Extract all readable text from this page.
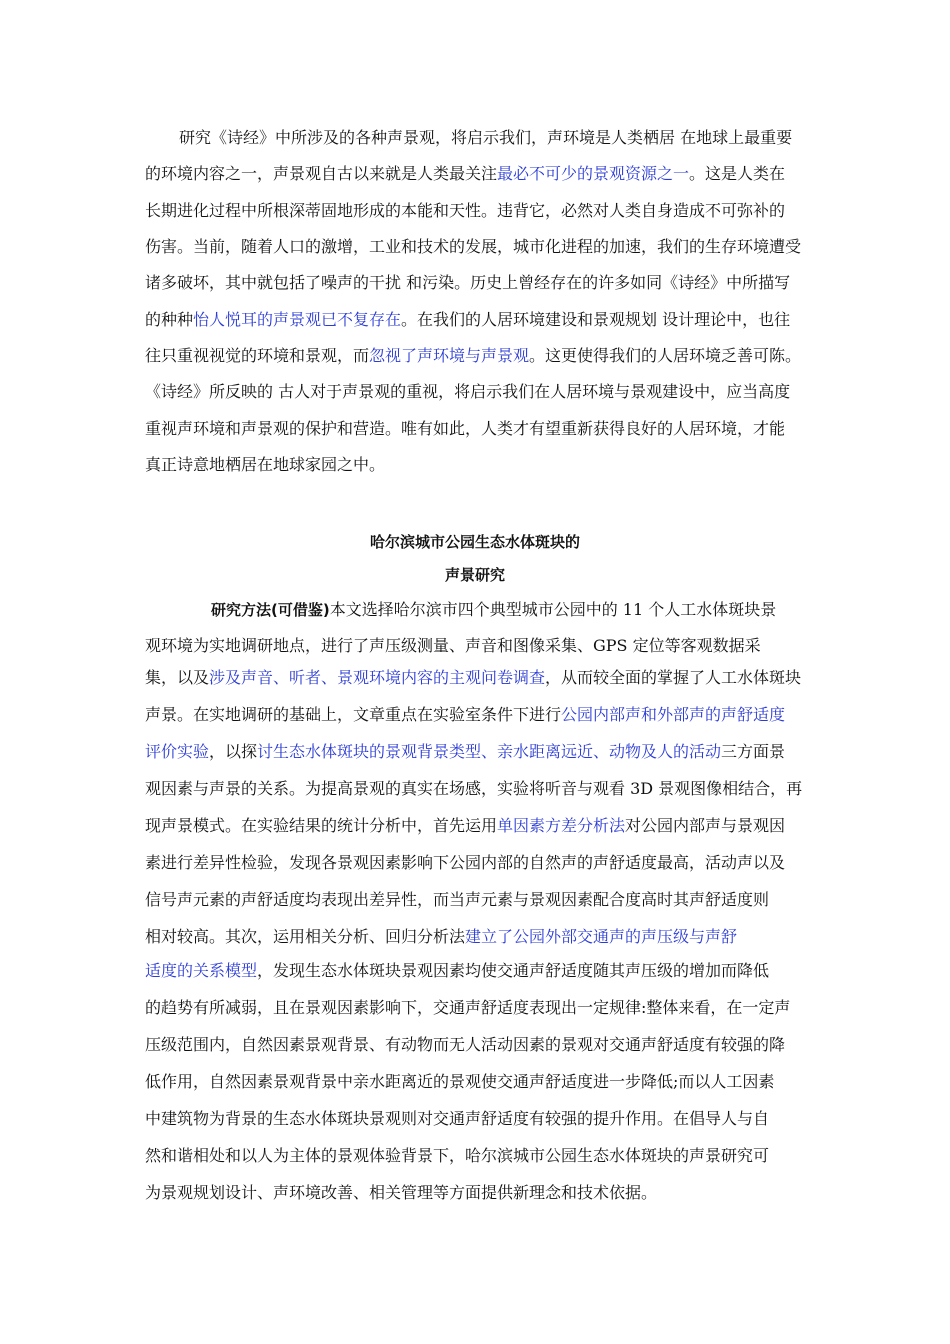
研究《诗经》中所涉及的各种声景观，将启示我们，声环境是人类栖居 在地球上最重要
的环境内容之一，声景观自古以来就是人类最关注最必不可少的景观资源之一。这是人类在
长期进化过程中所根深蒂固地形成的本能和天性。违背它，必然对人类自身造成不可弥补的
伤害。当前，随着人口的激增，工业和技术的发展，城市化进程的加速，我们的生存环境遭受
诸多破坏，其中就包括了噪声的干扰 和污染。历史上曾经存在的许多如同《诗经》中所描写
的种种怡人悦耳的声景观已不复存在。在我们的人居环境建设和景观规划 设计理论中，也往
往只重视视觉的环境和景观，而忽视了声环境与声景观。这更使得我们的人居环境乏善可陈。
《诗经》所反映的 古人对于声景观的重视，将启示我们在人居环境与景观建设中，应当高度
重视声环境和声景观的保护和营造。唯有如此，人类才有望重新获得良好的人居环境，才能
真正诗意地栖居在地球家园之中。
哈尔滨城市公园生态水体斑块的
声景研究
研究方法(可借鉴)本文选择哈尔滨市四个典型城市公园中的 11 个人工水体斑块景
观环境为实地调研地点，进行了声压级测量、声音和图像采集、GPS 定位等客观数据采
集，以及涉及声音、听者、景观环境内容的主观问卷调查，从而较全面的掌握了人工水体斑块
声景。在实地调研的基础上，文章重点在实验室条件下进行公园内部声和外部声的声舒适度
评价实验，以探讨生态水体斑块的景观背景类型、亲水距离远近、动物及人的活动三方面景
观因素与声景的关系。为提高景观的真实在场感，实验将听音与观看 3D 景观图像相结合，再
现声景模式。在实验结果的统计分析中，首先运用单因素方差分析法对公园内部声与景观因
素进行差异性检验，发现各景观因素影响下公园内部的自然声的声舒适度最高，活动声以及
信号声元素的声舒适度均表现出差异性，而当声元素与景观因素配合度高时其声舒适度则
相对较高。其次，运用相关分析、回归分析法建立了公园外部交通声的声压级与声舒
适度的关系模型，发现生态水体斑块景观因素均使交通声舒适度随其声压级的增加而降低
的趋势有所减弱，且在景观因素影响下，交通声舒适度表现出一定规律:整体来看，在一定声
压级范围内，自然因素景观背景、有动物而无人活动因素的景观对交通声舒适度有较强的降
低作用，自然因素景观背景中亲水距离近的景观使交通声舒适度进一步降低;而以人工因素
中建筑物为背景的生态水体斑块景观则对交通声舒适度有较强的提升作用。在倡导人与自
然和谐相处和以人为主体的景观体验背景下，哈尔滨城市公园生态水体斑块的声景研究可
为景观规划设计、声环境改善、相关管理等方面提供新理念和技术依据。
